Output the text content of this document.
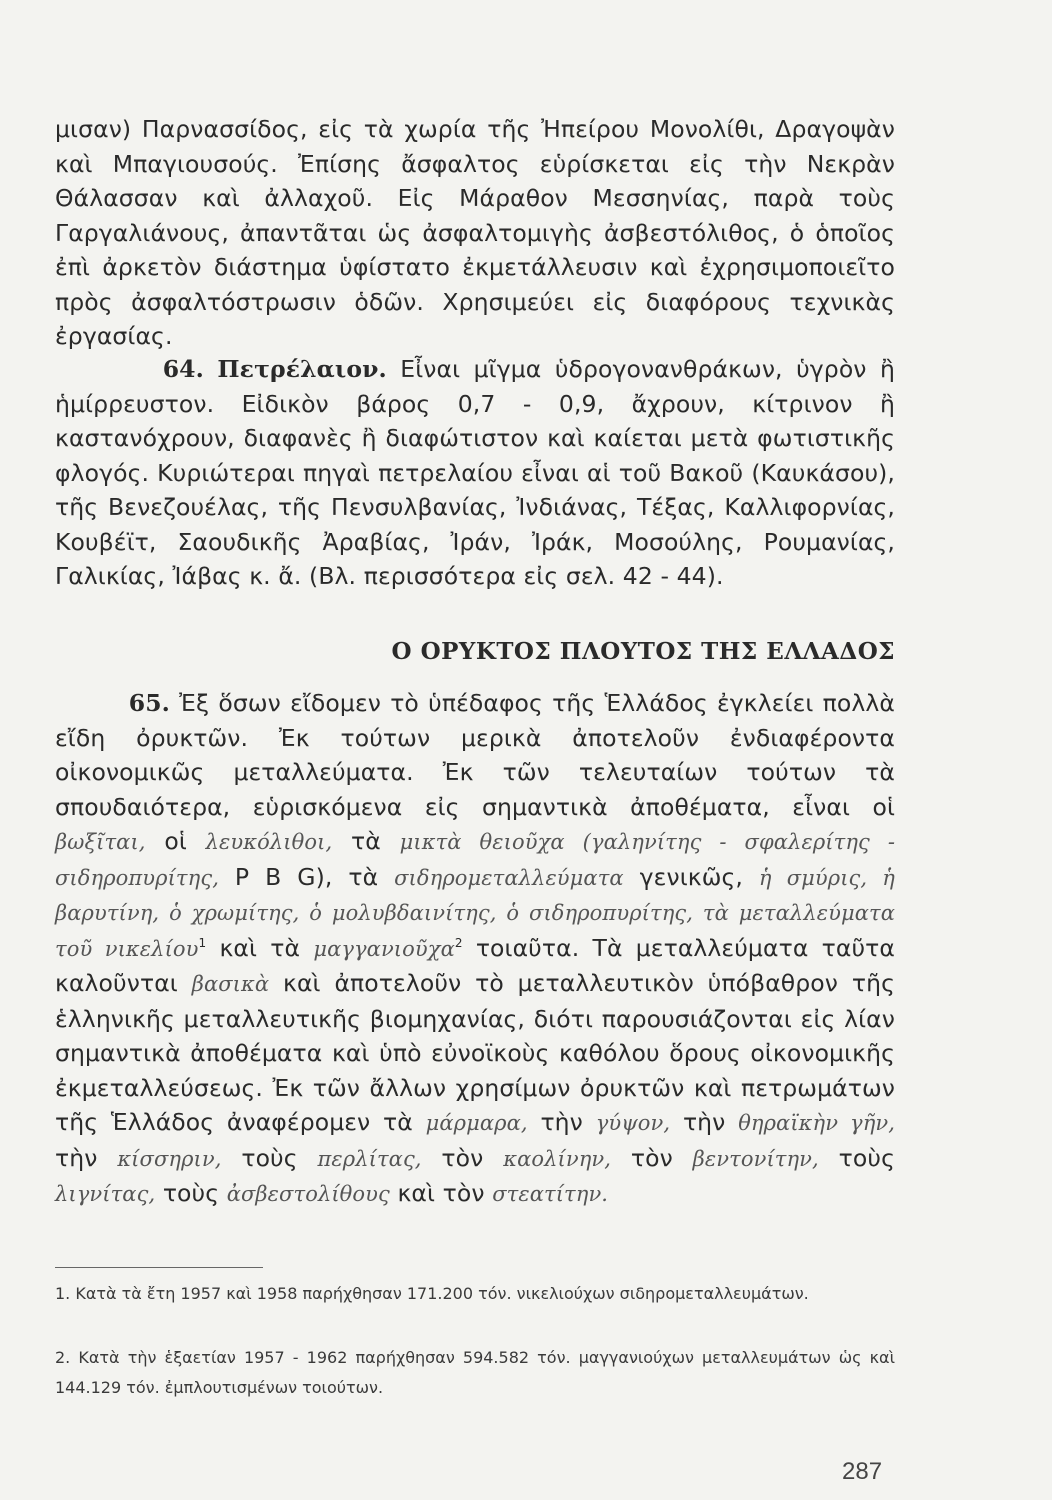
μισαν) Παρνασσίδος, εἰς τὰ χωρία τῆς Ἠπείρου Μονολίθι, Δραγοψὰν καὶ Μπαγιουσούς. Ἐπίσης ἄσφαλτος εὑρίσκεται εἰς τὴν Νεκρὰν Θάλασσαν καὶ ἀλλαχοῦ. Εἰς Μάραθον Μεσσηνίας, παρὰ τοὺς Γαργαλιάνους, ἀπαντᾶται ὡς ἀσφαλτομιγὴς ἀσβεστόλιθος, ὁ ὁποῖος ἐπὶ ἀρκετὸν διάστημα ὑφίστατο ἐκμετάλλευσιν καὶ ἐχρησιμοποιεῖτο πρὸς ἀσφαλτόστρωσιν ὁδῶν. Χρησιμεύει εἰς διαφόρους τεχνικὰς ἐργασίας.
64. Πετρέλαιον. Εἶναι μῖγμα ὑδρογονανθράκων, ὑγρὸν ἢ ἡμίρρευστον. Εἰδικὸν βάρος 0,7 - 0,9, ἄχρουν, κίτρινον ἢ καστανόχρουν, διαφανὲς ἢ διαφώτιστον καὶ καίεται μετὰ φωτιστικῆς φλογός. Κυριώτεραι πηγαὶ πετρελαίου εἶναι αἱ τοῦ Βακοῦ (Καυκάσου), τῆς Βενεζουέλας, τῆς Πενσυλβανίας, Ἰνδιάνας, Τέξας, Καλλιφορνίας, Κουβέϊτ, Σαουδικῆς Ἀραβίας, Ἰράν, Ἰράκ, Μοσούλης, Ρουμανίας, Γαλικίας, Ἰάβας κ. ἄ. (Βλ. περισσότερα εἰς σελ. 42 - 44).
Ο ΟΡΥΚΤΟΣ ΠΛΟΥΤΟΣ ΤΗΣ ΕΛΛΑΔΟΣ
65. Ἐξ ὅσων εἴδομεν τὸ ὑπέδαφος τῆς Ἑλλάδος ἐγκλείει πολλὰ εἴδη ὀρυκτῶν. Ἐκ τούτων μερικὰ ἀποτελοῦν ἐνδιαφέροντα οἰκονομικῶς μεταλλεύματα. Ἐκ τῶν τελευταίων τούτων τὰ σπουδαιότερα, εὑρισκόμενα εἰς σημαντικὰ ἀποθέματα, εἶναι οἱ βωξῖται, οἱ λευκόλιθοι, τὰ μικτὰ θειοῦχα (γαληνίτης - σφαλερίτης - σιδηροπυρίτης, P B G), τὰ σιδηρομεταλλεύματα γενικῶς, ἡ σμύρις, ἡ βαρυτίνη, ὁ χρωμίτης, ὁ μολυβδαινίτης, ὁ σιδηροπυρίτης, τὰ μεταλλεύματα τοῦ νικελίου$^1$ καὶ τὰ μαγγανιοῦχα$^2$ τοιαῦτα. Τὰ μεταλλεύματα ταῦτα καλοῦνται βασικὰ καὶ ἀποτελοῦν τὸ μεταλλευτικὸν ὑπόβαθρον τῆς ἑλληνικῆς μεταλλευτικῆς βιομηχανίας, διότι παρουσιάζονται εἰς λίαν σημαντικὰ ἀποθέματα καὶ ὑπὸ εὐνοϊκοὺς καθόλου ὅρους οἰκονομικῆς ἐκμεταλλεύσεως. Ἐκ τῶν ἄλλων χρησίμων ὀρυκτῶν καὶ πετρωμάτων τῆς Ἑλλάδος ἀναφέρομεν τὰ μάρμαρα, τὴν γύψον, τὴν θηραϊκὴν γῆν, τὴν κίσσηριν, τοὺς περλίτας, τὸν καολίνην, τὸν βεντονίτην, τοὺς λιγνίτας, τοὺς ἀσβεστολίθους καὶ τὸν στεατίτην.
1. Κατὰ τὰ ἔτη 1957 καὶ 1958 παρήχθησαν 171.200 τόν. νικελιούχων σιδηρομεταλλευμάτων.
2. Κατὰ τὴν ἑξαετίαν 1957 - 1962 παρήχθησαν 594.582 τόν. μαγγανιούχων μεταλλευμάτων ὡς καὶ 144.129 τόν. ἐμπλουτισμένων τοιούτων.
287
